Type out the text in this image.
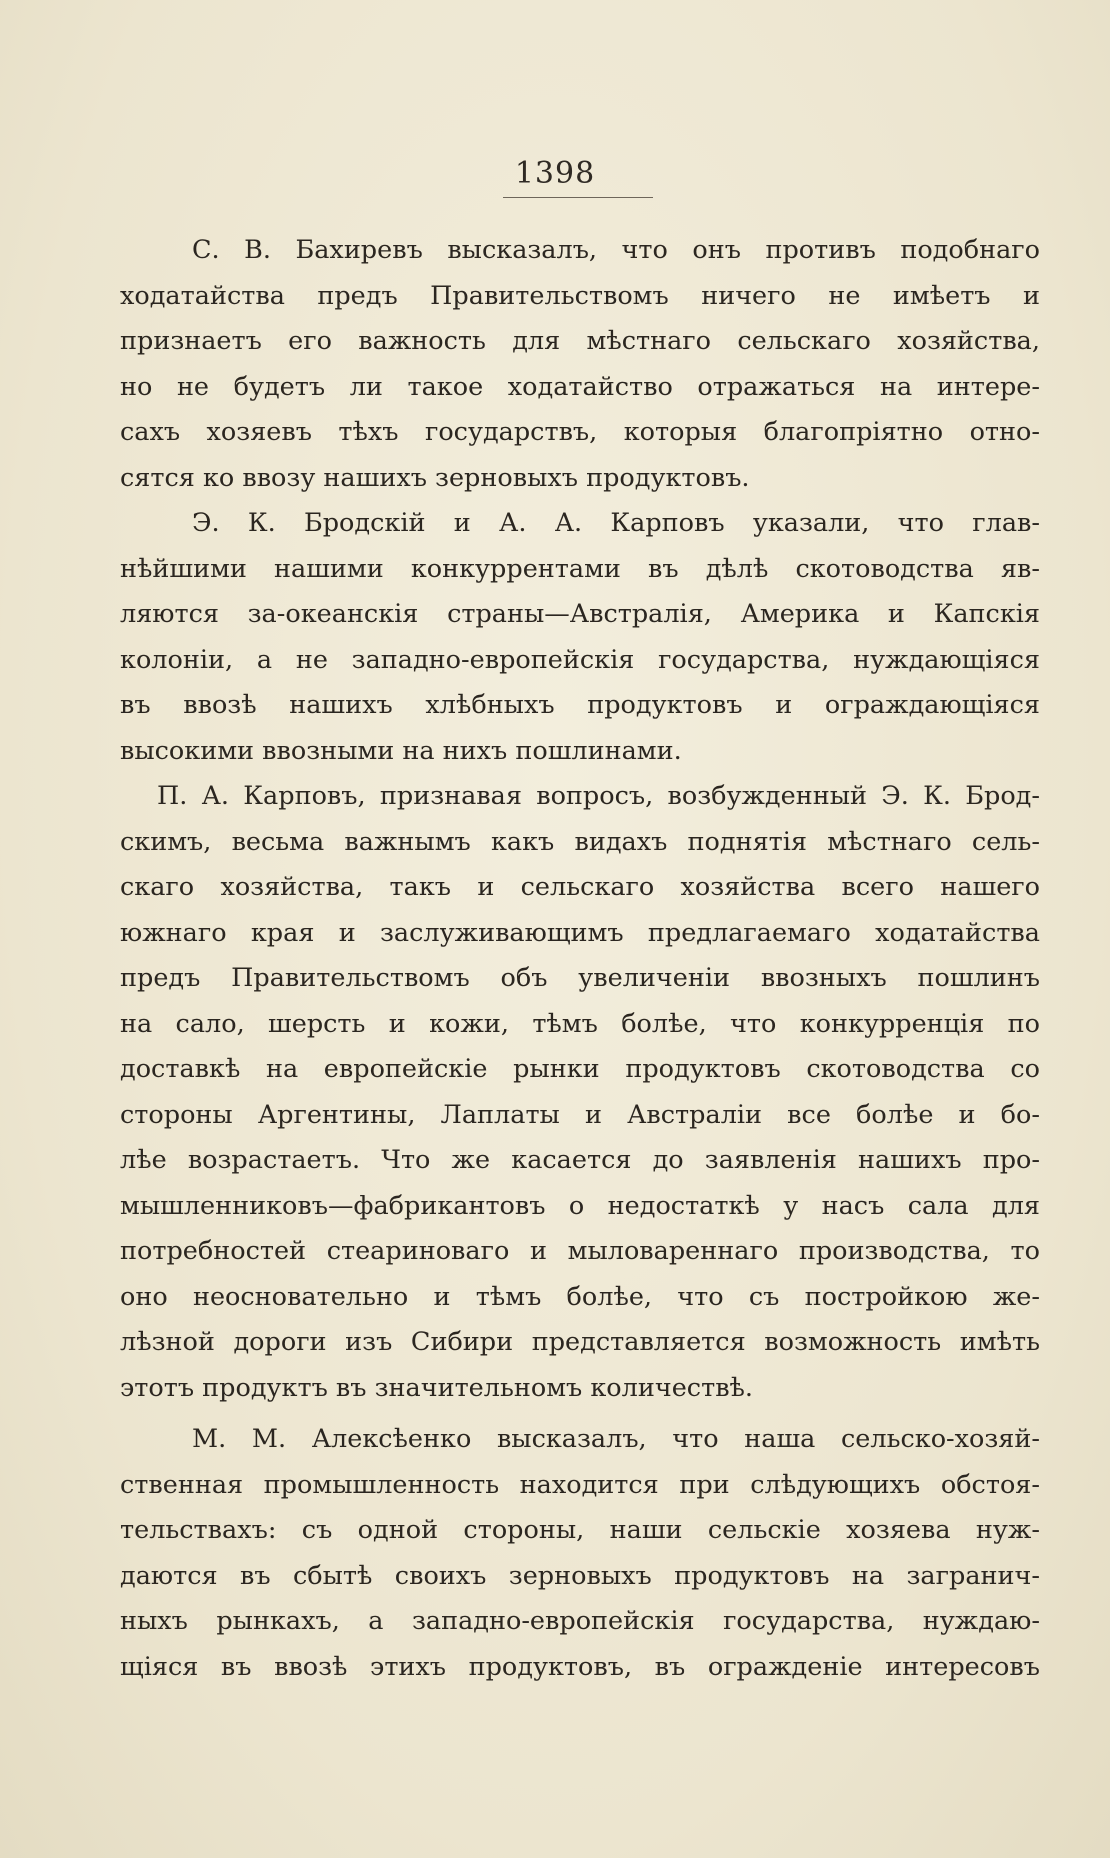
1398
С. В. Бахиревъ высказалъ, что онъ противъ подобнаго
ходатайства предъ Правительствомъ ничего не имѣетъ и
признаетъ его важность для мѣстнаго сельскаго хозяйства,
но не будетъ ли такое ходатайство отражаться на интере-
сахъ хозяевъ тѣхъ государствъ, которыя благопріятно отно-
сятся ко ввозу нашихъ зерновыхъ продуктовъ.
Э. К. Бродскій и А. А. Карповъ указали, что глав-
нѣйшими нашими конкуррентами въ дѣлѣ скотоводства яв-
ляются за-океанскія страны—Австралія, Америка и Капскія
колоніи, а не западно-европейскія государства, нуждающіяся
въ ввозѣ нашихъ хлѣбныхъ продуктовъ и ограждающіяся
высокими ввозными на нихъ пошлинами.
П. А. Карповъ, признавая вопросъ, возбужденный Э. К. Брод-
скимъ, весьма важнымъ какъ видахъ поднятія мѣстнаго сель-
скаго хозяйства, такъ и сельскаго хозяйства всего нашего
южнаго края и заслуживающимъ предлагаемаго ходатайства
предъ Правительствомъ объ увеличеніи ввозныхъ пошлинъ
на сало, шерсть и кожи, тѣмъ болѣе, что конкурренція по
доставкѣ на европейскіе рынки продуктовъ скотоводства со
стороны Аргентины, Лаплаты и Австраліи все болѣе и бо-
лѣе возрастаетъ. Что же касается до заявленія нашихъ про-
мышленниковъ—фабрикантовъ о недостаткѣ у насъ сала для
потребностей стеариноваго и мыловареннаго производства, то
оно неосновательно и тѣмъ болѣе, что съ постройкою же-
лѣзной дороги изъ Сибири представляется возможность имѣть
этотъ продуктъ въ значительномъ количествѣ.
М. М. Алексѣенко высказалъ, что наша сельско-хозяй-
ственная промышленность находится при слѣдующихъ обстоя-
тельствахъ: съ одной стороны, наши сельскіе хозяева нуж-
даются въ сбытѣ своихъ зерновыхъ продуктовъ на загранич-
ныхъ рынкахъ, а западно-европейскія государства, нуждаю-
щіяся въ ввозѣ этихъ продуктовъ, въ огражденіе интересовъ
